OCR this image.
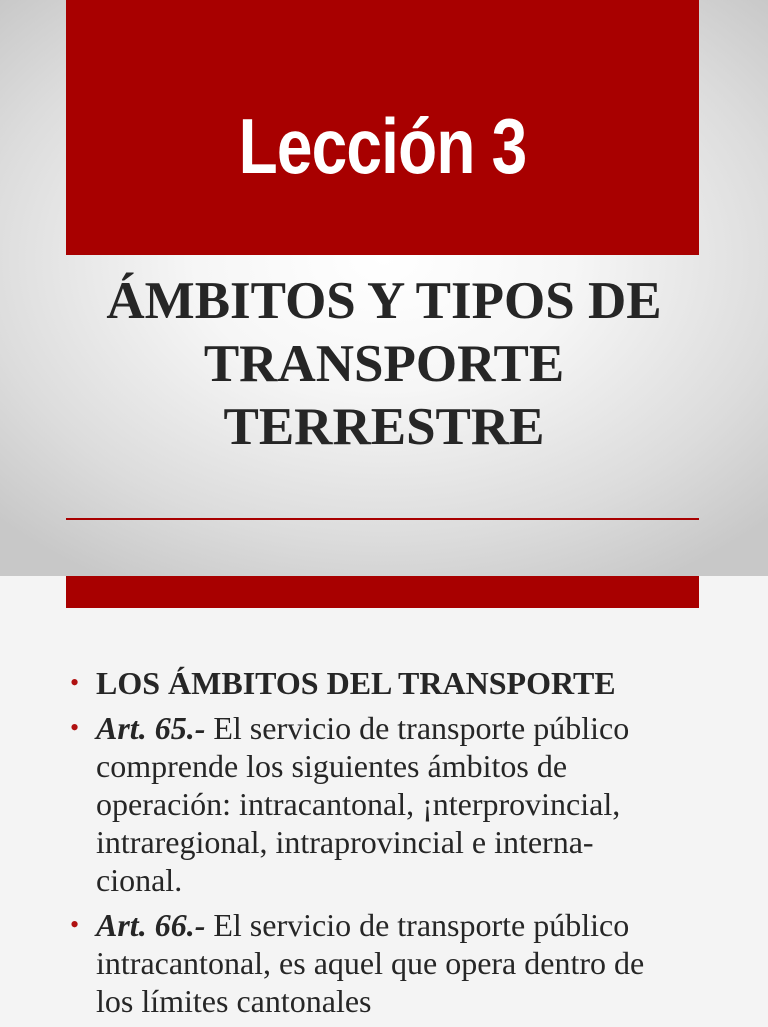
Lección 3
ÁMBITOS Y TIPOS DE
TRANSPORTE
TERRESTRE
• LOS ÁMBITOS DEL TRANSPORTE
• Art. 65.- El servicio de transporte público
comprende los siguientes ámbitos de
operación: intracantonal, ¡nterprovincial,
intraregional, intraprovincial e interna-
cional.
• Art. 66.- El servicio de transporte público
intracantonal, es aquel que opera dentro de
los límites cantonales
